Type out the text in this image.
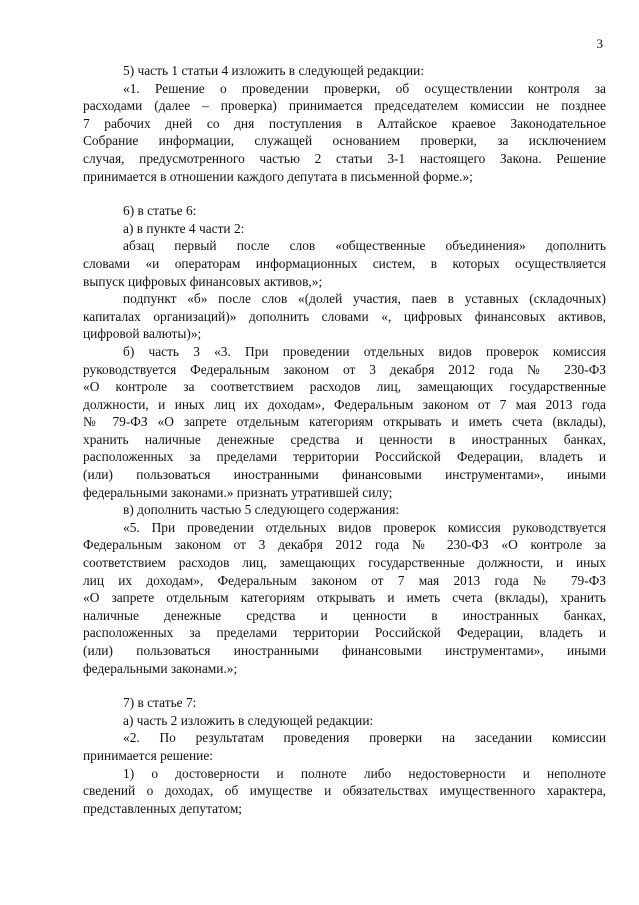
3
5) часть 1 статьи 4 изложить в следующей редакции:
«1. Решение о проведении проверки, об осуществлении контроля за
расходами (далее – проверка) принимается председателем комиссии не позднее
7 рабочих дней со дня поступления в Алтайское краевое Законодательное
Собрание информации, служащей основанием проверки, за исключением
случая, предусмотренного частью 2 статьи 3-1 настоящего Закона. Решение
принимается в отношении каждого депутата в письменной форме.»;
6) в статье 6:
а) в пункте 4 части 2:
абзац первый после слов «общественные объединения» дополнить
словами «и операторам информационных систем, в которых осуществляется
выпуск цифровых финансовых активов,»;
подпункт «б» после слов «(долей участия, паев в уставных (складочных)
капиталах организаций)» дополнить словами «, цифровых финансовых активов,
цифровой валюты)»;
б) часть 3 «3. При проведении отдельных видов проверок комиссия
руководствуется Федеральным законом от 3 декабря 2012 года № 230-ФЗ
«О контроле за соответствием расходов лиц, замещающих государственные
должности, и иных лиц их доходам», Федеральным законом от 7 мая 2013 года
№ 79-ФЗ «О запрете отдельным категориям открывать и иметь счета (вклады),
хранить наличные денежные средства и ценности в иностранных банках,
расположенных за пределами территории Российской Федерации, владеть и
(или) пользоваться иностранными финансовыми инструментами», иными
федеральными законами.» признать утратившей силу;
в) дополнить частью 5 следующего содержания:
«5. При проведении отдельных видов проверок комиссия руководствуется
Федеральным законом от 3 декабря 2012 года № 230-ФЗ «О контроле за
соответствием расходов лиц, замещающих государственные должности, и иных
лиц их доходам», Федеральным законом от 7 мая 2013 года № 79-ФЗ
«О запрете отдельным категориям открывать и иметь счета (вклады), хранить
наличные денежные средства и ценности в иностранных банках,
расположенных за пределами территории Российской Федерации, владеть и
(или) пользоваться иностранными финансовыми инструментами», иными
федеральными законами.»;
7) в статье 7:
а) часть 2 изложить в следующей редакции:
«2. По результатам проведения проверки на заседании комиссии
принимается решение:
1) о достоверности и полноте либо недостоверности и неполноте
сведений о доходах, об имуществе и обязательствах имущественного характера,
представленных депутатом;
